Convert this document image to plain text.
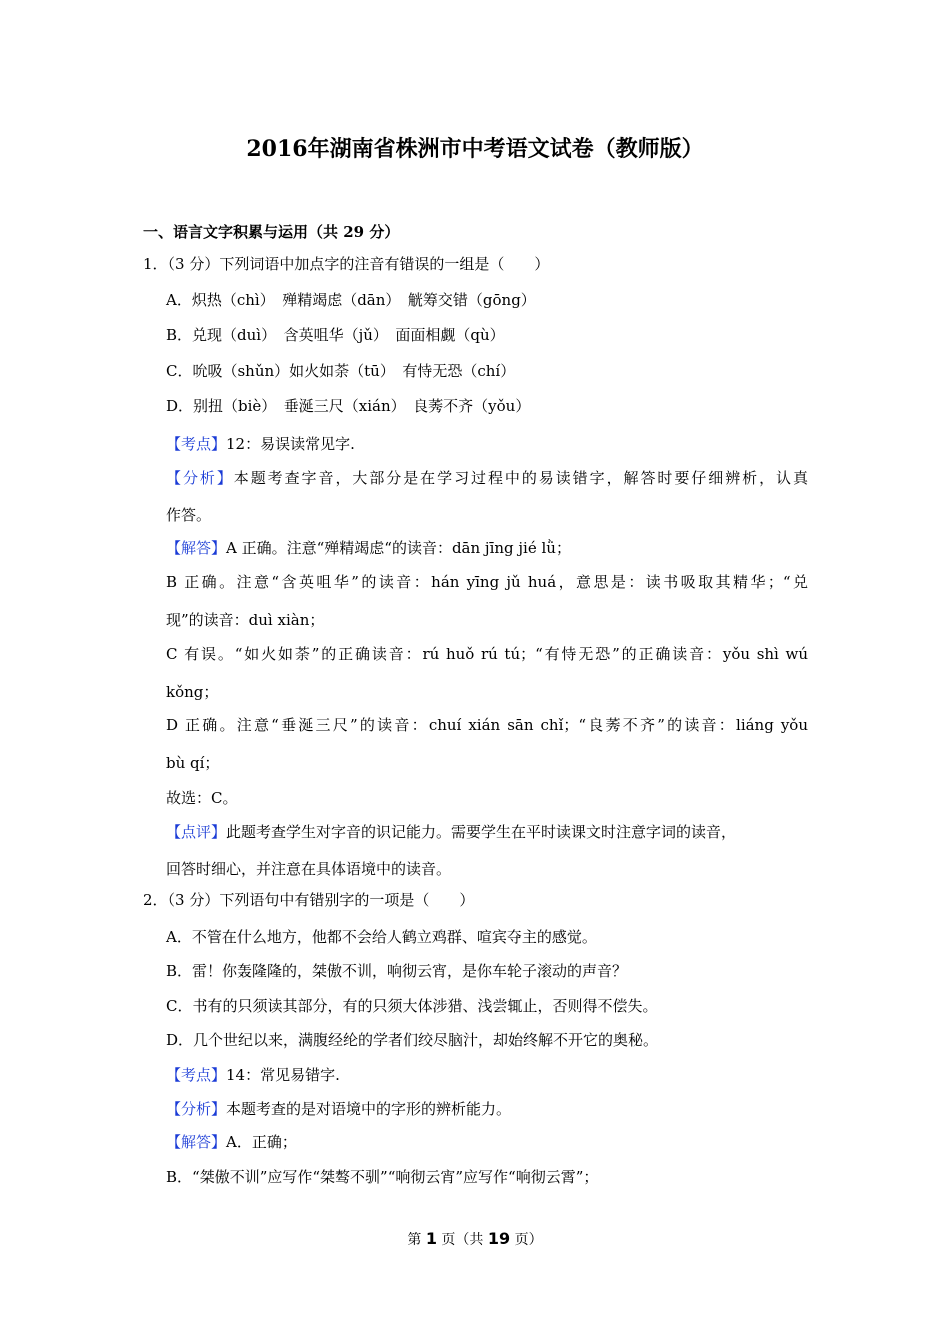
2016年湖南省株洲市中考语文试卷（教师版）
一、语言文字积累与运用（共 29 分）
1．（3 分）下列词语中加点字的注音有错误的一组是（　　）
A．炽热（chì）　殚精竭虑（dān）　觥筹交错（gōng）
B．兑现（duì）　含英咀华（jǔ）　面面相觑（qù）
C．吮吸（shǔn）如火如荼（tū）　有恃无恐（chí）
D．别扭（biè）　垂涎三尺（xián）　良莠不齐（yǒu）
【考点】12：易误读常见字.
【分析】本题考查字音，大部分是在学习过程中的易读错字，解答时要仔细辨析，认真
作答。
【解答】A 正确。注意“殚精竭虑“的读音：dān jīng jié lǜ；
B 正确。注意“含英咀华”的读音：hán yīng jǔ huá，意思是：读书吸取其精华；“兑
现”的读音：duì xiàn；
C 有误。“如火如荼”的正确读音：rú huǒ rú tú；“有恃无恐”的正确读音：yǒu shì wú
kǒng；
D 正确。注意“垂涎三尺”的读音：chuí xián sān chǐ；“良莠不齐”的读音：liáng yǒu
bù qí；
故选：C。
【点评】此题考查学生对字音的识记能力。需要学生在平时读课文时注意字词的读音，
回答时细心，并注意在具体语境中的读音。
2．（3 分）下列语句中有错别字的一项是（　　）
A．不管在什么地方，他都不会给人鹤立鸡群、喧宾夺主的感觉。
B．雷！你轰隆隆的，桀傲不训，响彻云宵，是你车轮子滚动的声音？
C．书有的只须读其部分，有的只须大体涉猎、浅尝辄止，否则得不偿失。
D．几个世纪以来，满腹经纶的学者们绞尽脑汁，却始终解不开它的奥秘。
【考点】14：常见易错字.
【分析】本题考查的是对语境中的字形的辨析能力。
【解答】A．正确；
B．“桀傲不训”应写作“桀骜不驯”“响彻云宵”应写作“响彻云霄”；
第 1 页（共 19 页）
